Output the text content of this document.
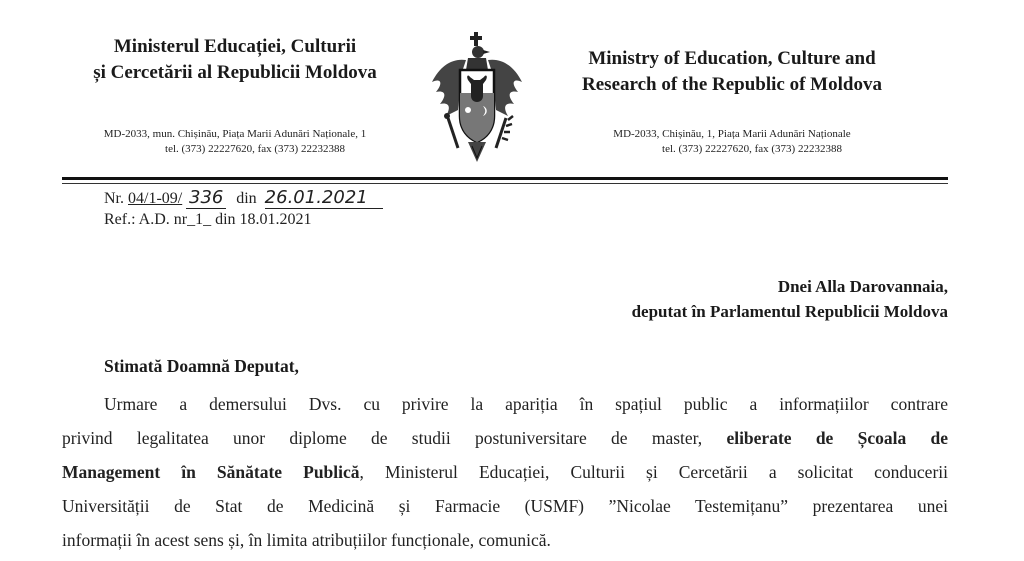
Ministerul Educației, Culturii
și Cercetării al Republicii Moldova
MD-2033, mun. Chișinău, Piața Marii Adunări Naționale, 1
tel. (373) 22227620, fax (373) 22232388
Ministry of Education, Culture and
Research of the Republic of Moldova
MD-2033, Chișinău, 1, Piața Marii Adunări Naționale
tel. (373) 22227620, fax (373) 22232388
Nr. 04/1-09/ 336 din 26.01.2021
Ref.: A.D. nr_1_ din 18.01.2021
Dnei Alla Darovannaia,
deputat în Parlamentul Republicii Moldova
Stimată Doamnă Deputat,
Urmare a demersului Dvs. cu privire la apariția în spațiul public a informațiilor contrare
privind legalitatea unor diplome de studii postuniversitare de master, eliberate de Școala de
Management în Sănătate Publică, Ministerul Educației, Culturii și Cercetării a solicitat conducerii
Universității de Stat de Medicină și Farmacie (USMF) ”Nicolae Testemițanu” prezentarea unei
informații în acest sens și, în limita atribuțiilor funcționale, comunică.
